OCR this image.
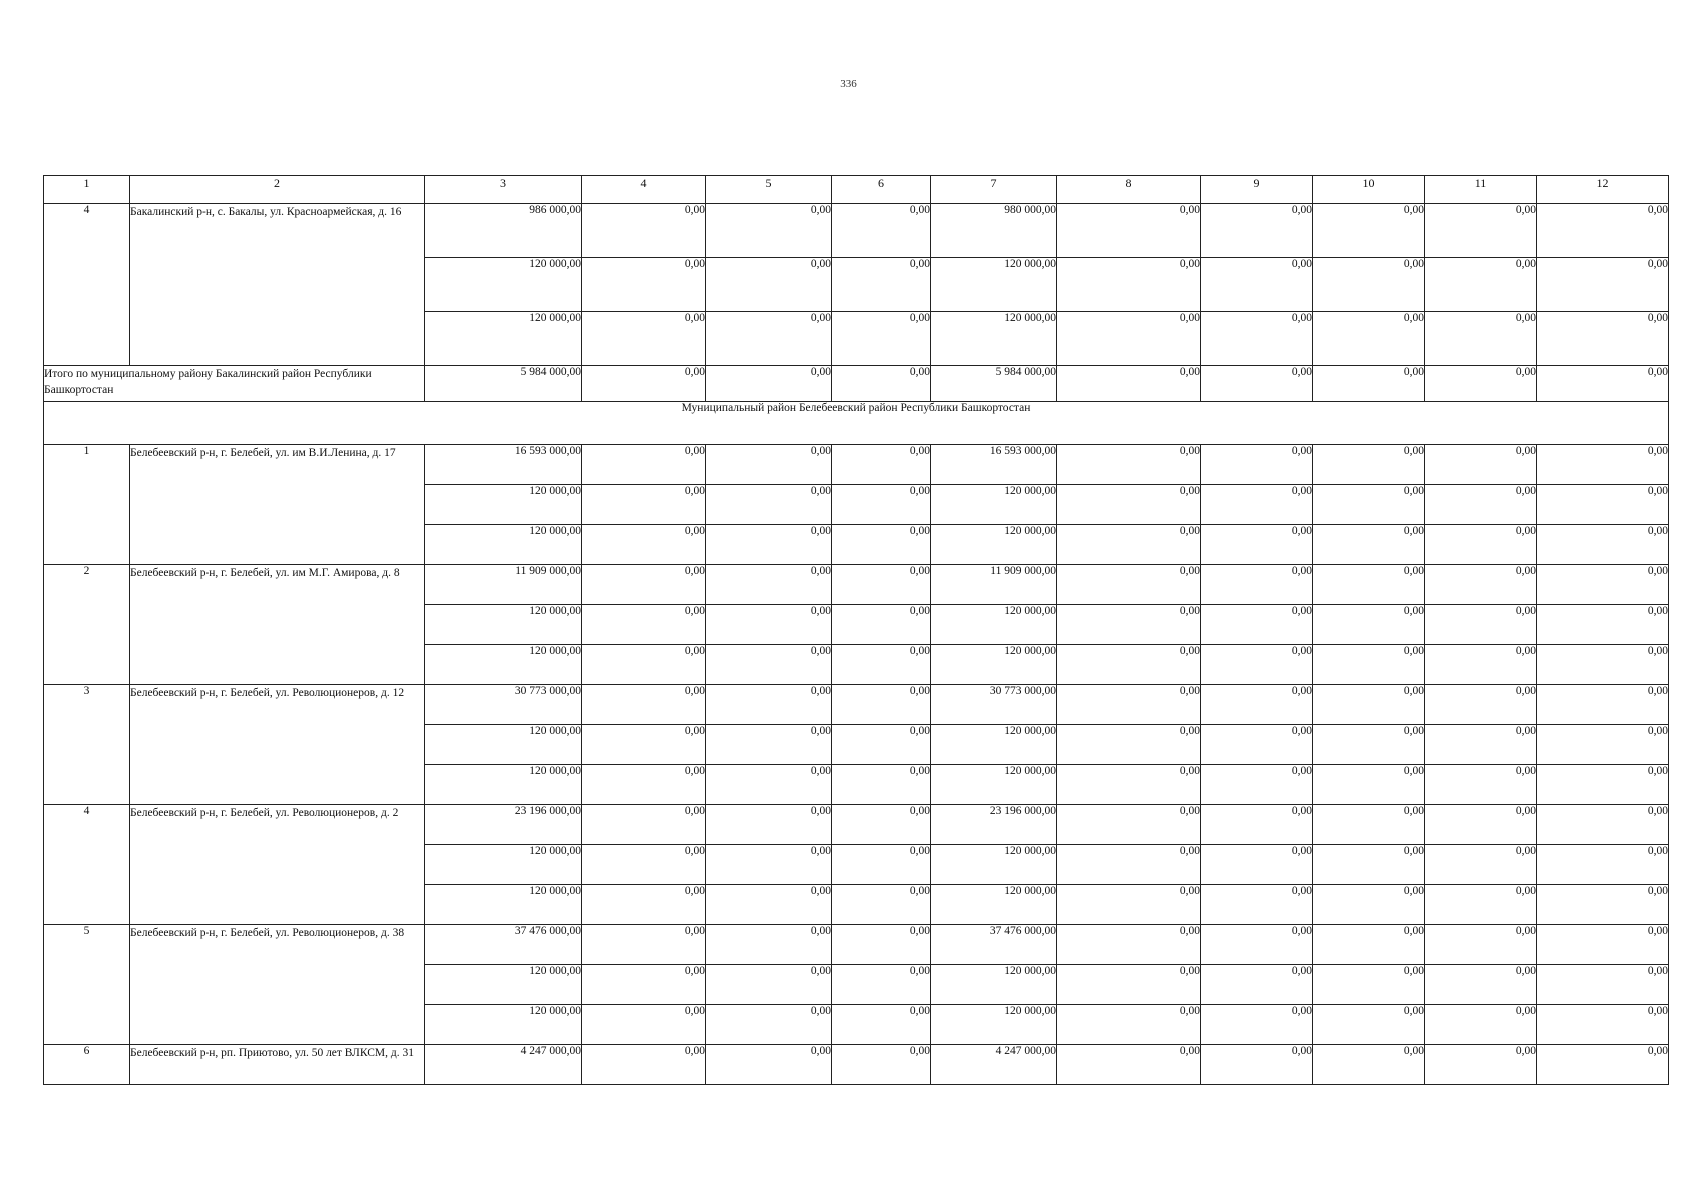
336
1	2	3	4	5	6	7	8	9	10	11	12
4	Бакалинский р-н, с. Бакалы, ул. Красноармейская, д. 16	986 000,00	0,00	0,00	0,00	980 000,00	0,00	0,00	0,00	0,00	0,00
		120 000,00	0,00	0,00	0,00	120 000,00	0,00	0,00	0,00	0,00	0,00
		120 000,00	0,00	0,00	0,00	120 000,00	0,00	0,00	0,00	0,00	0,00
Итого по муниципальному району Бакалинский район Республики Башкортостан		5 984 000,00	0,00	0,00	0,00	5 984 000,00	0,00	0,00	0,00	0,00	0,00
Муниципальный район Белебеевский район Республики Башкортостан											
1	Белебеевский р-н, г. Белебей, ул. им В.И.Ленина, д. 17	16 593 000,00	0,00	0,00	0,00	16 593 000,00	0,00	0,00	0,00	0,00	0,00
		120 000,00	0,00	0,00	0,00	120 000,00	0,00	0,00	0,00	0,00	0,00
		120 000,00	0,00	0,00	0,00	120 000,00	0,00	0,00	0,00	0,00	0,00
2	Белебеевский р-н, г. Белебей, ул. им М.Г. Амирова, д. 8	11 909 000,00	0,00	0,00	0,00	11 909 000,00	0,00	0,00	0,00	0,00	0,00
		120 000,00	0,00	0,00	0,00	120 000,00	0,00	0,00	0,00	0,00	0,00
		120 000,00	0,00	0,00	0,00	120 000,00	0,00	0,00	0,00	0,00	0,00
3	Белебеевский р-н, г. Белебей, ул. Революционеров, д. 12	30 773 000,00	0,00	0,00	0,00	30 773 000,00	0,00	0,00	0,00	0,00	0,00
		120 000,00	0,00	0,00	0,00	120 000,00	0,00	0,00	0,00	0,00	0,00
		120 000,00	0,00	0,00	0,00	120 000,00	0,00	0,00	0,00	0,00	0,00
4	Белебеевский р-н, г. Белебей, ул. Революционеров, д. 2	23 196 000,00	0,00	0,00	0,00	23 196 000,00	0,00	0,00	0,00	0,00	0,00
		120 000,00	0,00	0,00	0,00	120 000,00	0,00	0,00	0,00	0,00	0,00
		120 000,00	0,00	0,00	0,00	120 000,00	0,00	0,00	0,00	0,00	0,00
5	Белебеевский р-н, г. Белебей, ул. Революционеров, д. 38	37 476 000,00	0,00	0,00	0,00	37 476 000,00	0,00	0,00	0,00	0,00	0,00
		120 000,00	0,00	0,00	0,00	120 000,00	0,00	0,00	0,00	0,00	0,00
		120 000,00	0,00	0,00	0,00	120 000,00	0,00	0,00	0,00	0,00	0,00
6	Белебеевский р-н, рп. Приютово, ул. 50 лет ВЛКСМ, д. 31	4 247 000,00	0,00	0,00	0,00	4 247 000,00	0,00	0,00	0,00	0,00	0,00
